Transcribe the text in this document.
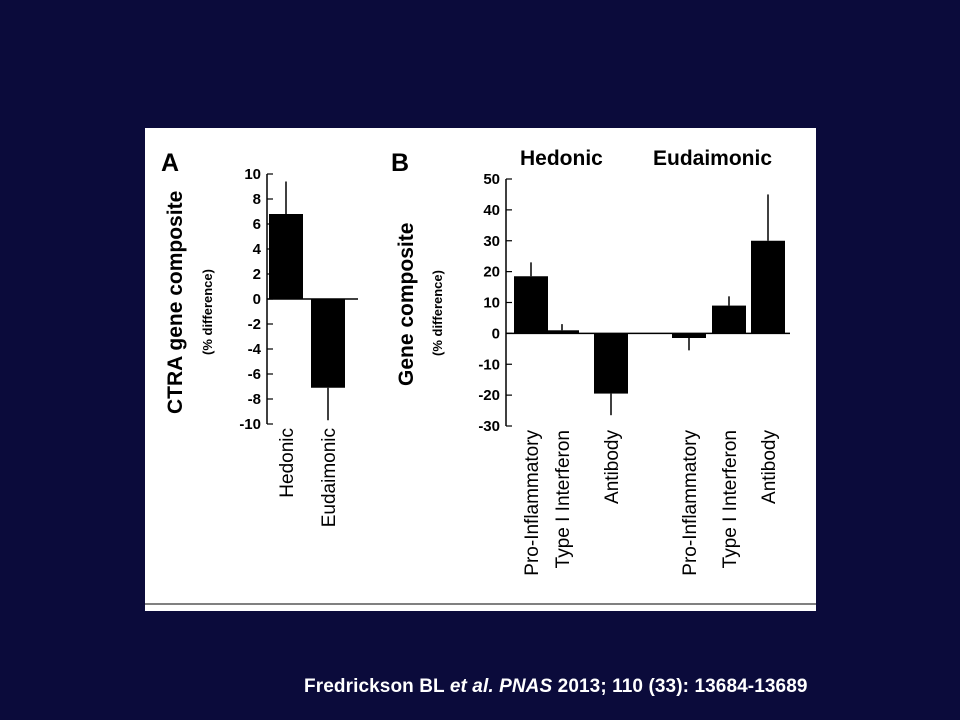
A
CTRA gene composite (% difference)
B	Hedonic Eudaimonic
Gene composite (% difference)
10
8
6
4
2
0
-2
-4
-6
-8
-10
Hedonic Eudaimonic
50
40
30
20
10
0
-10
-20
-30
Pro-Inflammatory Type I Interferon Antibody	Pro-Inflammatory Type I Interferon Antibody
Fredrickson BL et al. PNAS 2013; 110 (33): 13684-13689
